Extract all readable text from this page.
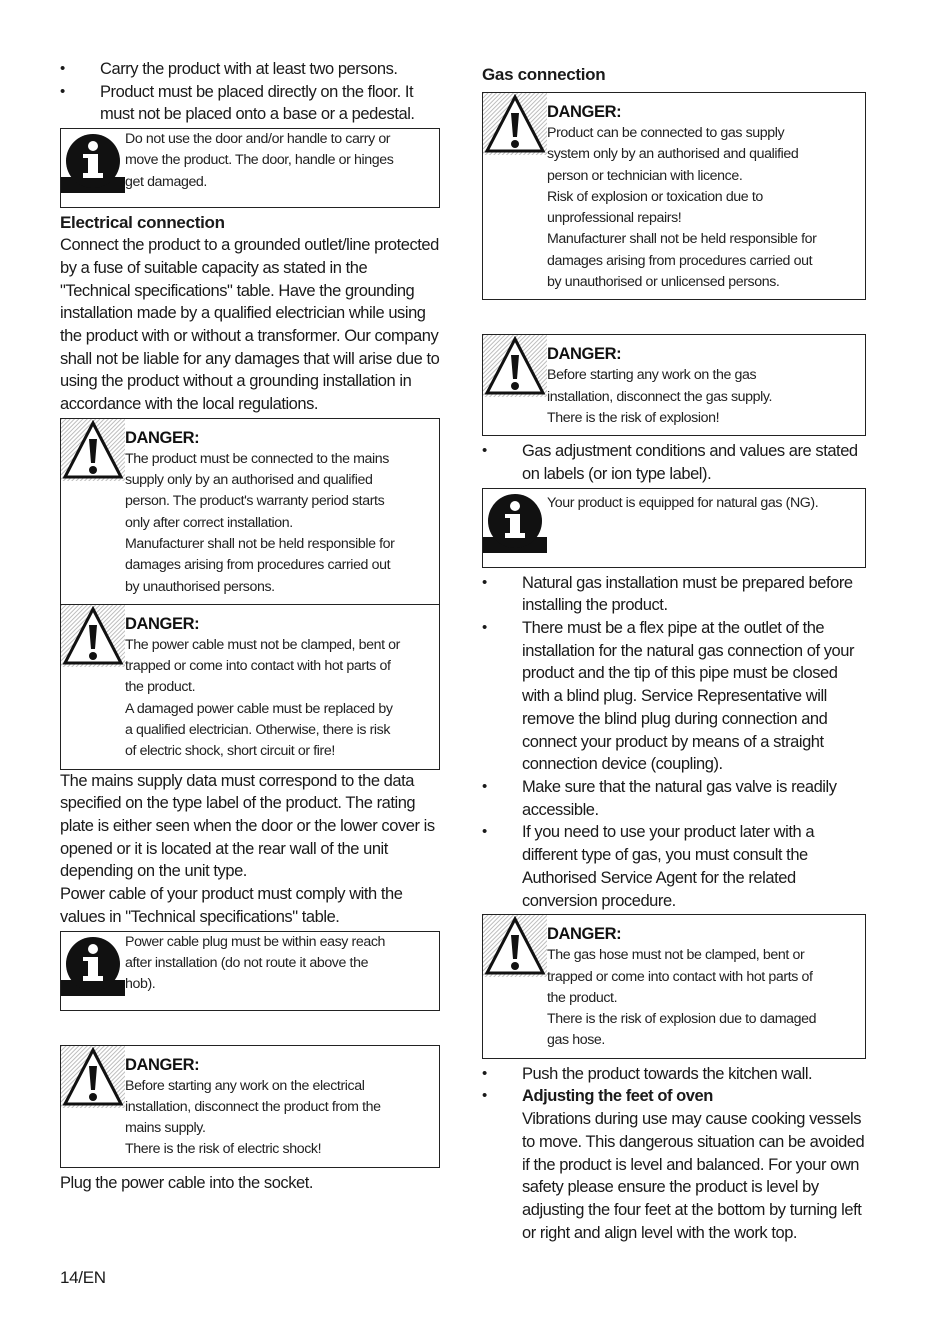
• Carry the product with at least two persons.
• Product must be placed directly on the floor. It must not be placed onto a base or a pedestal.

Do not use the door and/or handle to carry or

move the product. The door, handle or hinges

get damaged.

Electrical connection

Connect the product to a grounded outlet/line protected by a fuse of suitable capacity as stated in the "Technical specifications" table. Have the grounding installation made by a qualified electrician while using the product with or without a transformer. Our company shall not be liable for any damages that will arise due to using the product without a grounding installation in accordance with the local regulations.

DANGER:

The product must be connected to the mains

supply only by an authorised and qualified

person. The product's warranty period starts

only after correct installation.

Manufacturer shall not be held responsible for

damages arising from procedures carried out

by unauthorised persons.

DANGER:

The power cable must not be clamped, bent or

trapped or come into contact with hot parts of

the product.

A damaged power cable must be replaced by

a qualified electrician. Otherwise, there is risk

of electric shock, short circuit or fire!

The mains supply data must correspond to the data specified on the type label of the product. The rating plate is either seen when the door or the lower cover is opened or it is located at the rear wall of the unit depending on the unit type.

Power cable of your product must comply with the values in "Technical specifications" table.

Power cable plug must be within easy reach

after installation (do not route it above the

hob).

DANGER:

Before starting any work on the electrical

installation, disconnect the product from the

mains supply.

There is the risk of electric shock!

Plug the power cable into the socket.

Gas connection

DANGER:

Product can be connected to gas supply

system only by an authorised and qualified

person or technician with licence.

Risk of explosion or toxication due to

unprofessional repairs!

Manufacturer shall not be held responsible for

damages arising from procedures carried out

by unauthorised or unlicensed persons.

DANGER:

Before starting any work on the gas

installation, disconnect the gas supply.

There is the risk of explosion!

• Gas adjustment conditions and values are stated on labels (or ion type label).

Your product is equipped for natural gas (NG).

• Natural gas installation must be prepared before installing the product.
• There must be a flex pipe at the outlet of the installation for the natural gas connection of your product and the tip of this pipe must be closed with a blind plug. Service Representative will remove the blind plug during connection and connect your product by means of a straight connection device (coupling).
• Make sure that the natural gas valve is readily accessible.
• If you need to use your product later with a different type of gas, you must consult the Authorised Service Agent for the related conversion procedure.

DANGER:

The gas hose must not be clamped, bent or

trapped or come into contact with hot parts of

the product.

There is the risk of explosion due to damaged

gas hose.

• Push the product towards the kitchen wall.
• Adjusting the feet of oven

Vibrations during use may cause cooking vessels to move. This dangerous situation can be avoided if the product is level and balanced. For your own safety please ensure the product is level by adjusting the four feet at the bottom by turning left or right and align level with the work top.

14/EN
